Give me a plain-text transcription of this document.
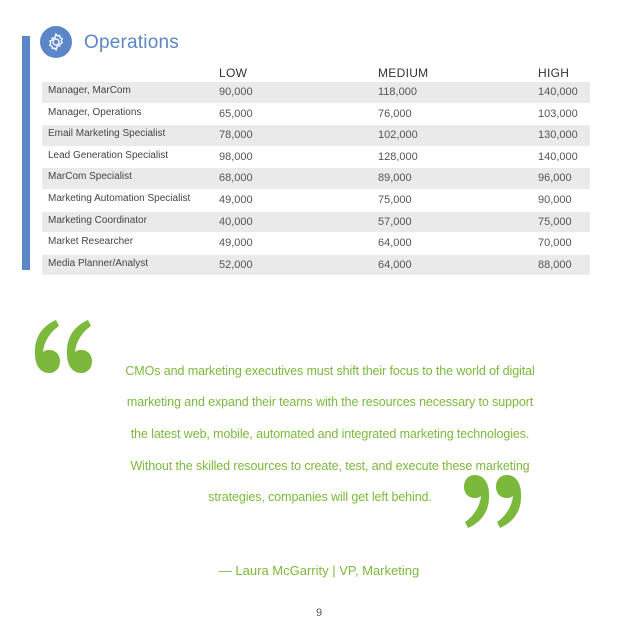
Operations
LOW	MEDIUM	HIGH
Manager, MarCom	90,000	118,000	140,000
Manager, Operations	65,000	76,000	103,000
Email Marketing Specialist	78,000	102,000	130,000
Lead Generation Specialist	98,000	128,000	140,000
MarCom Specialist	68,000	89,000	96,000
Marketing Automation Specialist	49,000	75,000	90,000
Marketing Coordinator	40,000	57,000	75,000
Market Researcher	49,000	64,000	70,000
Media Planner/Analyst	52,000	64,000	88,000
CMOs and marketing executives must shift their focus to the world of digital
marketing and expand their teams with the resources necessary to support
the latest web, mobile, automated and integrated marketing technologies.
Without the skilled resources to create, test, and execute these marketing
strategies, companies will get left behind.
— Laura McGarrity | VP, Marketing
9
